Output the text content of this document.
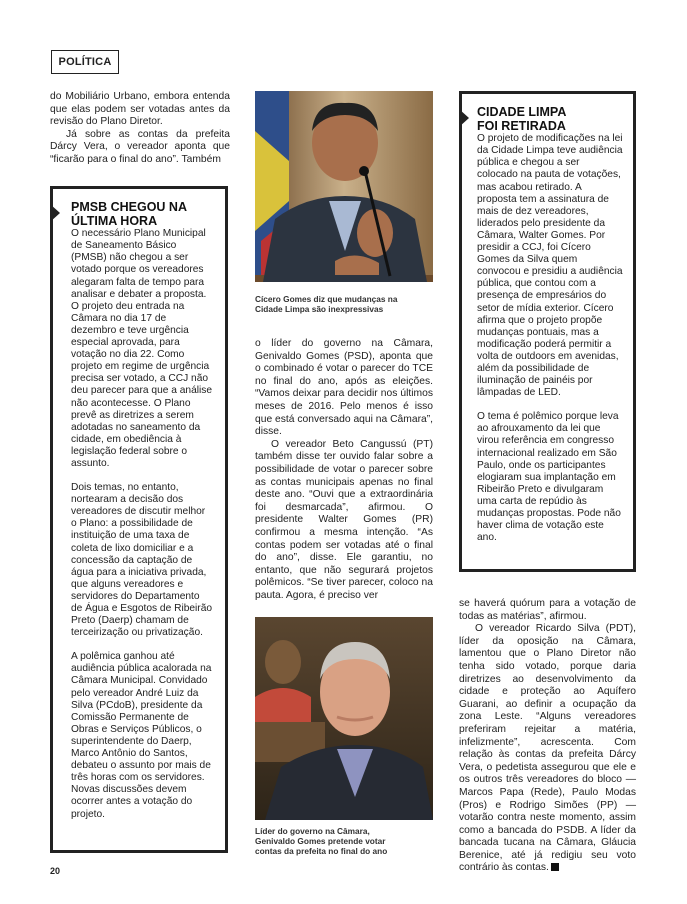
POLÍTICA

do Mobiliário Urbano, embora entenda que elas podem ser votadas antes da revisão do Plano Diretor.

Já sobre as contas da prefeita Dárcy Vera, o vereador aponta que “ficarão para o final do ano”. Também

PMSB CHEGOU NA ÚLTIMA HORA

O necessário Plano Municipal de Saneamento Básico (PMSB) não chegou a ser votado porque os vereadores alegaram falta de tempo para analisar e debater a proposta. O projeto deu entrada na Câmara no dia 17 de dezembro e teve urgência especial aprovada, para votação no dia 22. Como projeto em regime de urgência precisa ser votado, a CCJ não deu parecer para que a análise não acontecesse. O Plano prevê as diretrizes a serem adotadas no saneamento da cidade, em obediência à legislação federal sobre o assunto.

Dois temas, no entanto, nortearam a decisão dos vereadores de discutir melhor o Plano: a possibilidade de instituição de uma taxa de coleta de lixo domiciliar e a concessão da captação de água para a iniciativa privada, que alguns vereadores e servidores do Departamento de Água e Esgotos de Ribeirão Preto (Daerp) chamam de terceirização ou privatização.

A polêmica ganhou até audiência pública acalorada na Câmara Municipal. Convidado pelo vereador André Luiz da Silva (PCdoB), presidente da Comissão Permanente de Obras e Serviços Públicos, o superintendente do Daerp, Marco Antônio do Santos, debateu o assunto por mais de três horas com os servidores. Novas discussões devem ocorrer antes a votação do projeto.

Cícero Gomes diz que mudanças na Cidade Limpa são inexpressivas

o líder do governo na Câmara, Genivaldo Gomes (PSD), aponta que o combinado é votar o parecer do TCE no final do ano, após as eleições. “Vamos deixar para decidir nos últimos meses de 2016. Pelo menos é isso que está conversado aqui na Câmara”, disse.

O vereador Beto Cangussú (PT) também disse ter ouvido falar sobre a possibilidade de votar o parecer sobre as contas municipais apenas no final deste ano. “Ouvi que a extraordinária foi desmarcada”, afirmou. O presidente Walter Gomes (PR) confirmou a mesma intenção. “As contas podem ser votadas até o final do ano”, disse. Ele garantiu, no entanto, que não segurará projetos polêmicos. “Se tiver parecer, coloco na pauta. Agora, é preciso ver

Líder do governo na Câmara, Genivaldo Gomes pretende votar contas da prefeita no final do ano
CIDADE LIMPA FOI RETIRADA

O projeto de modificações na lei da Cidade Limpa teve audiência pública e chegou a ser colocado na pauta de votações, mas acabou retirado. A proposta tem a assinatura de mais de dez vereadores, liderados pelo presidente da Câmara, Walter Gomes. Por presidir a CCJ, foi Cícero Gomes da Silva quem convocou e presidiu a audiência pública, que contou com a presença de empresários do setor de mídia exterior. Cícero afirma que o projeto propõe mudanças pontuais, mas a modificação poderá permitir a volta de outdoors em avenidas, além da possibilidade de iluminação de painéis por lâmpadas de LED.

O tema é polêmico porque leva ao afrouxamento da lei que virou referência em congresso internacional realizado em São Paulo, onde os participantes elogiaram sua implantação em Ribeirão Preto e divulgaram uma carta de repúdio às mudanças propostas. Pode não haver clima de votação este ano.

se haverá quórum para a votação de todas as matérias”, afirmou.

O vereador Ricardo Silva (PDT), líder da oposição na Câmara, lamentou que o Plano Diretor não tenha sido votado, porque daria diretrizes ao desenvolvimento da cidade e proteção ao Aquífero Guarani, ao definir a ocupação da zona Leste. “Alguns vereadores preferiram rejeitar a matéria, infelizmente”, acrescenta. Com relação às contas da prefeita Dárcy Vera, o pedetista assegurou que ele e os outros três vereadores do bloco — Marcos Papa (Rede), Paulo Modas (Pros) e Rodrigo Simões (PP) — votarão contra neste momento, assim como a bancada do PSDB. A líder da bancada tucana na Câmara, Gláucia Berenice, até já redigiu seu voto contrário às contas.

20
